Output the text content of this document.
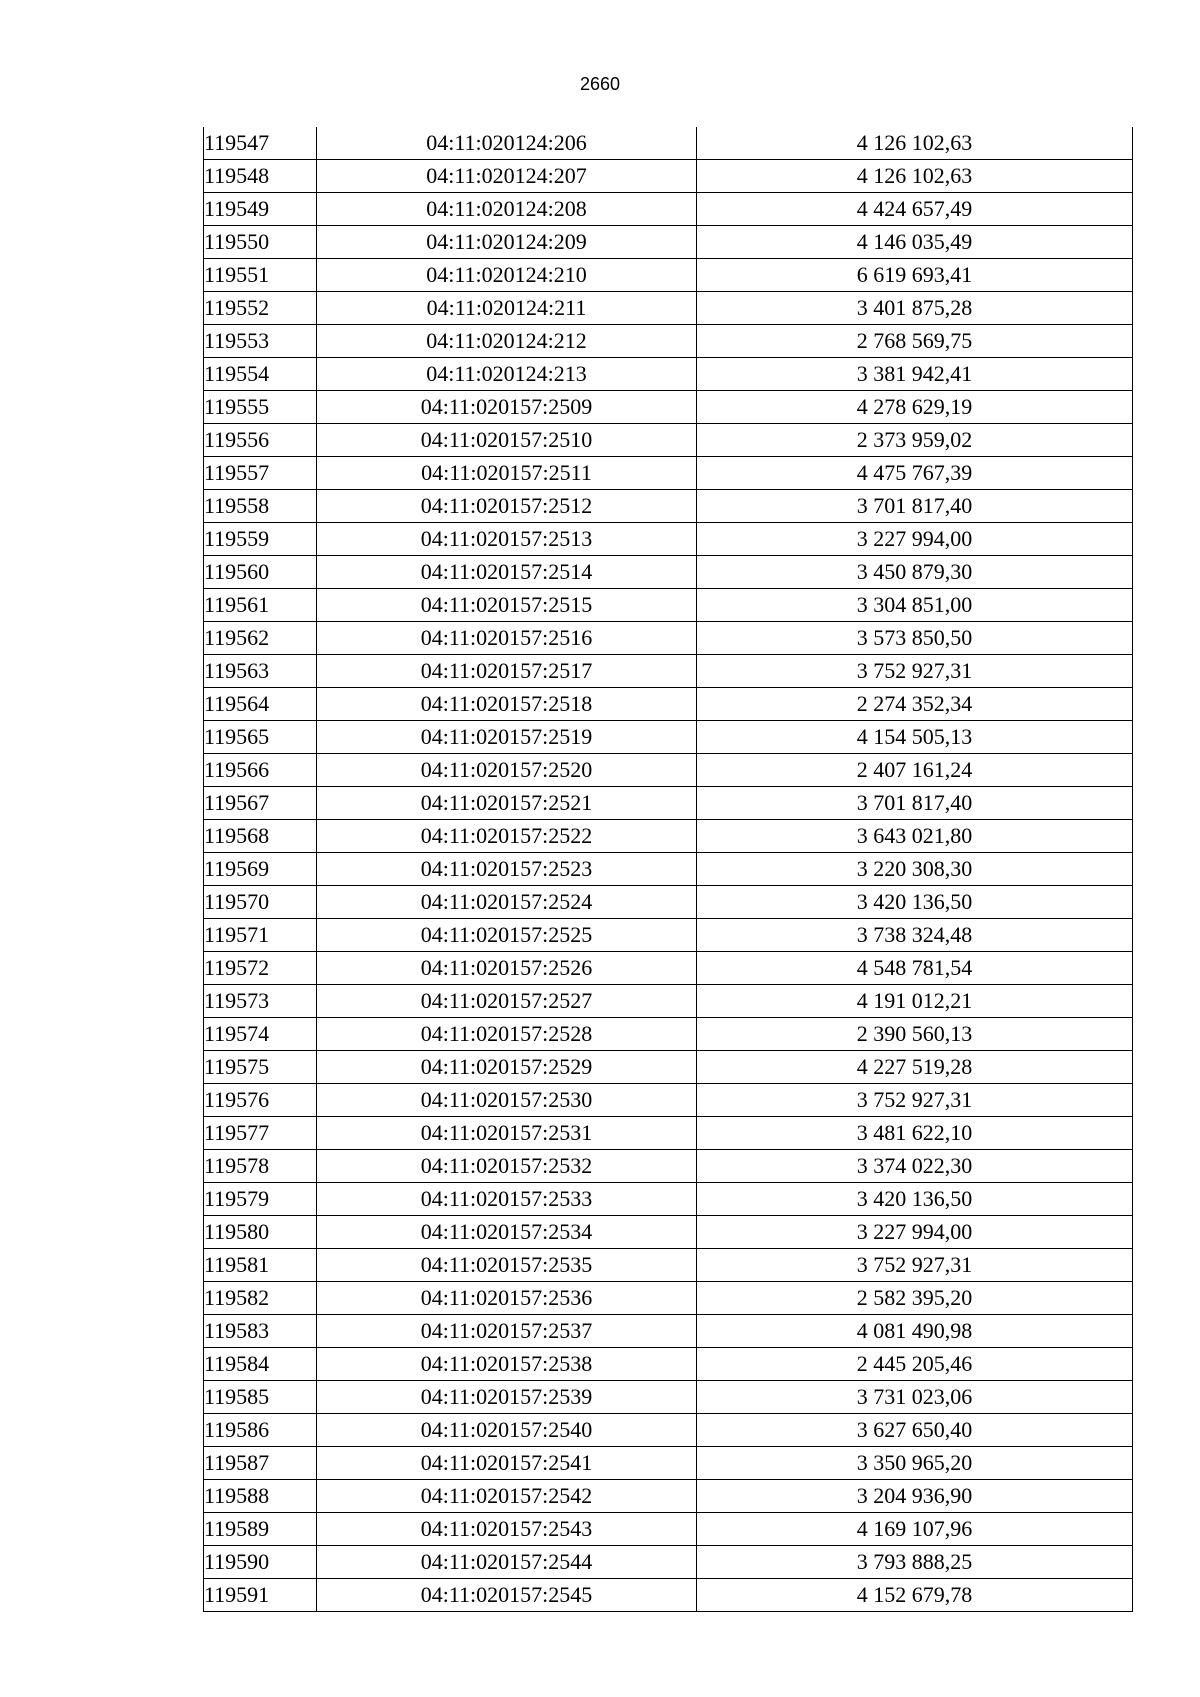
2660
119547	04:11:020124:206	4 126 102,63
119548	04:11:020124:207	4 126 102,63
119549	04:11:020124:208	4 424 657,49
119550	04:11:020124:209	4 146 035,49
119551	04:11:020124:210	6 619 693,41
119552	04:11:020124:211	3 401 875,28
119553	04:11:020124:212	2 768 569,75
119554	04:11:020124:213	3 381 942,41
119555	04:11:020157:2509	4 278 629,19
119556	04:11:020157:2510	2 373 959,02
119557	04:11:020157:2511	4 475 767,39
119558	04:11:020157:2512	3 701 817,40
119559	04:11:020157:2513	3 227 994,00
119560	04:11:020157:2514	3 450 879,30
119561	04:11:020157:2515	3 304 851,00
119562	04:11:020157:2516	3 573 850,50
119563	04:11:020157:2517	3 752 927,31
119564	04:11:020157:2518	2 274 352,34
119565	04:11:020157:2519	4 154 505,13
119566	04:11:020157:2520	2 407 161,24
119567	04:11:020157:2521	3 701 817,40
119568	04:11:020157:2522	3 643 021,80
119569	04:11:020157:2523	3 220 308,30
119570	04:11:020157:2524	3 420 136,50
119571	04:11:020157:2525	3 738 324,48
119572	04:11:020157:2526	4 548 781,54
119573	04:11:020157:2527	4 191 012,21
119574	04:11:020157:2528	2 390 560,13
119575	04:11:020157:2529	4 227 519,28
119576	04:11:020157:2530	3 752 927,31
119577	04:11:020157:2531	3 481 622,10
119578	04:11:020157:2532	3 374 022,30
119579	04:11:020157:2533	3 420 136,50
119580	04:11:020157:2534	3 227 994,00
119581	04:11:020157:2535	3 752 927,31
119582	04:11:020157:2536	2 582 395,20
119583	04:11:020157:2537	4 081 490,98
119584	04:11:020157:2538	2 445 205,46
119585	04:11:020157:2539	3 731 023,06
119586	04:11:020157:2540	3 627 650,40
119587	04:11:020157:2541	3 350 965,20
119588	04:11:020157:2542	3 204 936,90
119589	04:11:020157:2543	4 169 107,96
119590	04:11:020157:2544	3 793 888,25
119591	04:11:020157:2545	4 152 679,78
